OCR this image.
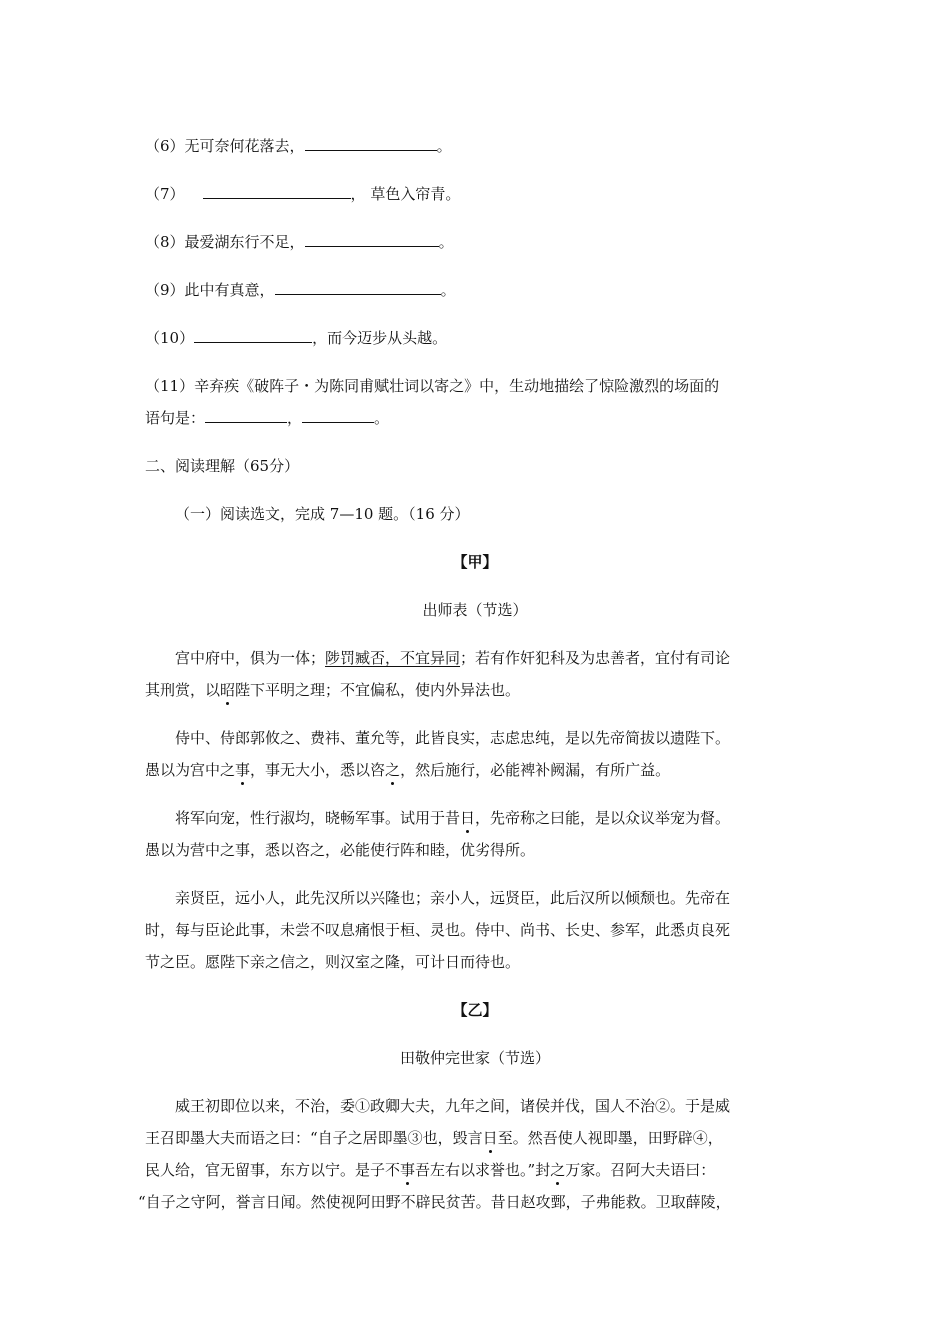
（6）无可奈何花落去，	。
（7）	， 草色入帘青。
（8）最爱湖东行不足，	。
（9）此中有真意，	。
（10）	，而今迈步从头越。
（11）辛弃疾《破阵子・为陈同甫赋壮词以寄之》中，生动地描绘了惊险激烈的场面的
语句是：	，	。
二、阅读理解（65分）
（一）阅读选文，完成 7—10 题。（16 分）
【甲】
出师表（节选）
宫中府中，俱为一体；陟罚臧否，不宜异同；若有作奸犯科及为忠善者，宜付有司论
其刑赏，以昭陛下平明之理；不宜偏私，使内外异法也。
侍中、侍郎郭攸之、费祎、董允等，此皆良实，志虑忠纯，是以先帝简拔以遗陛下。
愚以为宫中之事，事无大小，悉以咨之，然后施行，必能裨补阙漏，有所广益。
将军向宠，性行淑均，晓畅军事。试用于昔日，先帝称之曰能，是以众议举宠为督。
愚以为营中之事，悉以咨之，必能使行阵和睦，优劣得所。
亲贤臣，远小人，此先汉所以兴隆也；亲小人，远贤臣，此后汉所以倾颓也。先帝在
时，每与臣论此事，未尝不叹息痛恨于桓、灵也。侍中、尚书、长史、参军，此悉贞良死
节之臣。愿陛下亲之信之，则汉室之隆，可计日而待也。
【乙】
田敬仲完世家（节选）
威王初即位以来，不治，委①政卿大夫，九年之间，诸侯并伐，国人不治②。于是威
王召即墨大夫而语之曰：“自子之居即墨③也，毁言日至。然吾使人视即墨，田野辟④，
民人给，官无留事，东方以宁。是子不事吾左右以求誉也。”封之万家。召阿大夫语曰：
“自子之守阿，誉言日闻。然使视阿田野不辟民贫苦。昔日赵攻鄄，子弗能救。卫取薛陵，
